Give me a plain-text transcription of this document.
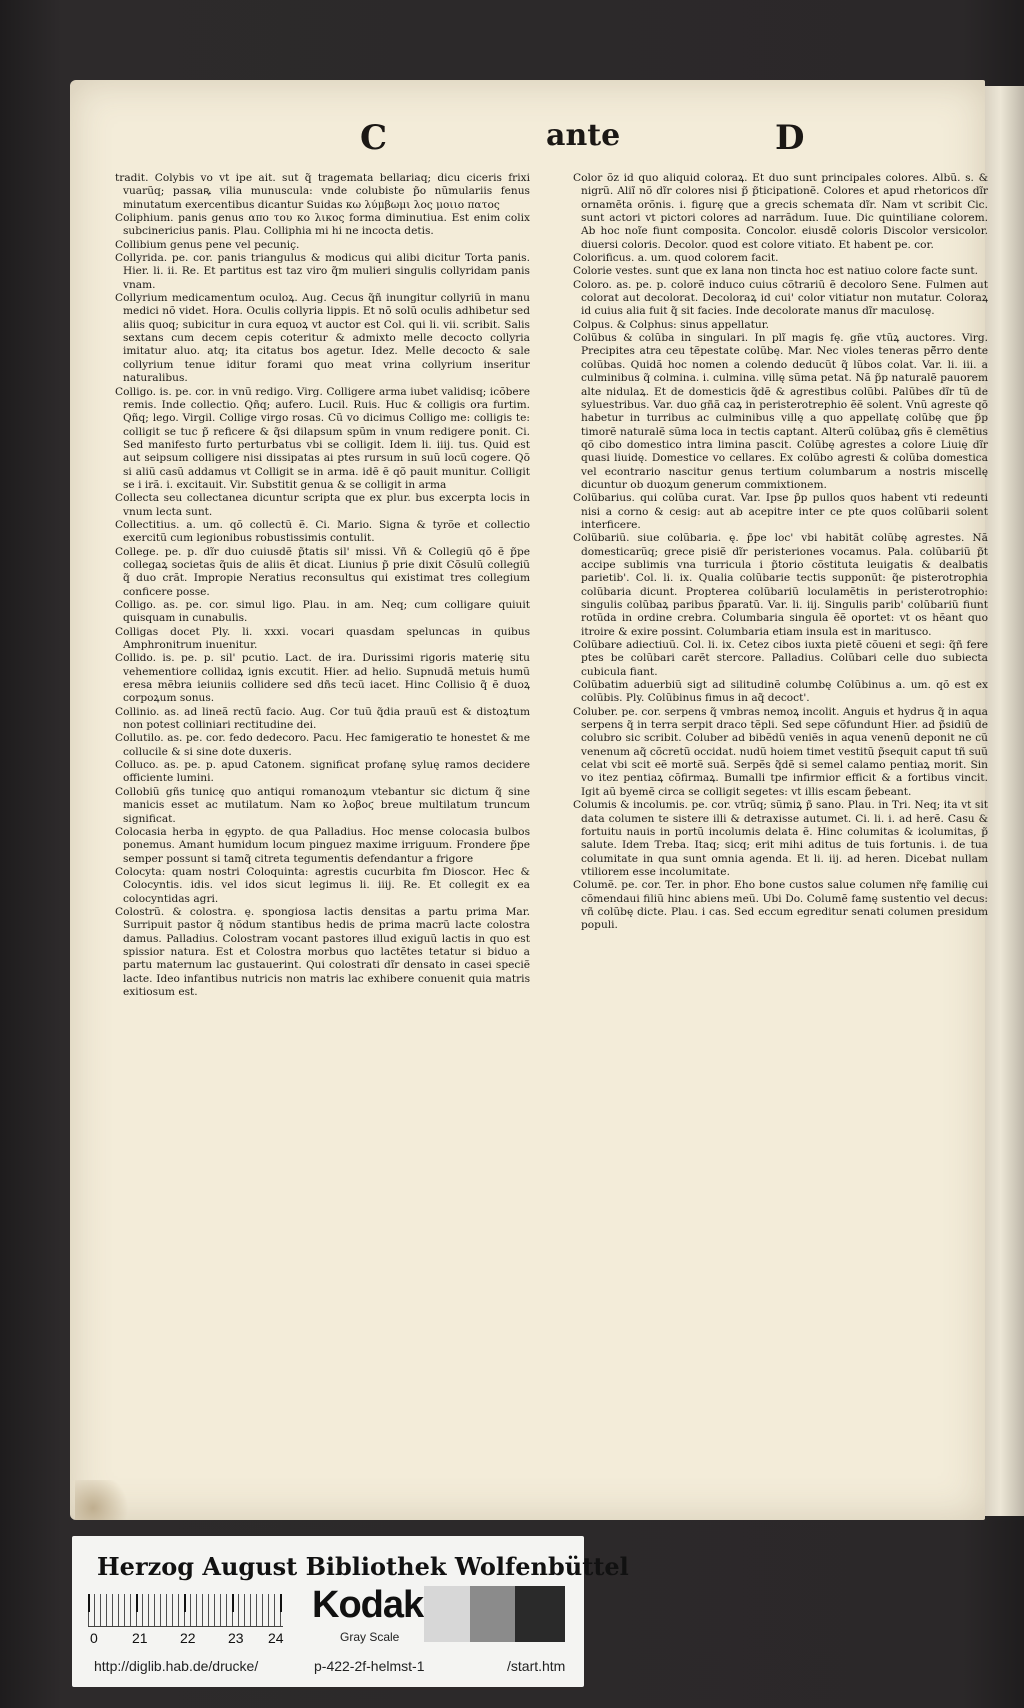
C	ante	D

tradit. Colybis vo vt ipe ait. sut q̃ tragemata bellariaq; dicu ciceris frixi vuarũq; passaꝶ vilia munuscula: vnde colubiste p̃o nũmulariis fenus minutatum exercentibus dicantur Suidas κω λύμβωμι λος μοιιο πατος

Coliphium. panis genus απο του κο λικος forma diminutiua. Est enim colix subcinericius panis. Plau. Colliphia mi hi ne incocta detis.

Collibium genus pene vel pecuniç.

Collyrida. pe. cor. panis triangulus & modicus qui alibi dicitur Torta panis. Hier. li. ii. Re. Et partitus est taz viro q̃m mulieri singulis collyridam panis vnam.

Collyrium medicamentum oculoꝝ. Aug. Cecus q̃ñ inungitur collyriũ in manu medici nõ videt. Hora. Oculis collyria lippis. Et nõ solũ oculis adhibetur sed aliis quoq; subicitur in cura equoꝝ vt auctor est Col. qui li. vii. scribit. Salis sextans cum decem cepis coteritur & admixto melle decocto collyria imitatur aluo. atq; ita citatus bos agetur. Idez. Melle decocto & sale collyrium tenue iditur forami quo meat vrina collyrium inseritur naturalibus.

Colligo. is. pe. cor. in vnũ redigo. Virg. Colligere arma iubet validisq; icõbere remis. Inde collectio. Qñq; aufero. Lucil. Ruis. Huc & colligis ora furtim. Qñq; lego. Virgil. Collige virgo rosas. Cũ vo dicimus Colligo me: colligis te: colligit se tuc p̃ reficere & q̃si dilapsum spũm in vnum redigere ponit. Ci. Sed manifesto furto perturbatus vbi se colligit. Idem li. iiij. tus. Quid est aut seipsum colligere nisi dissipatas ai ptes rursum in suũ locũ cogere. Qõ si aliũ casũ addamus vt Colligit se in arma. idẽ ẽ qõ pauit munitur. Colligit se i irã. i. excitauit. Vir. Substitit genua & se colligit in arma

Collecta seu collectanea dicuntur scripta que ex plur. bus excerpta locis in vnum lecta sunt.

Collectitius. a. um. qõ collectũ ẽ. Ci. Mario. Signa & tyrõe et collectio exercitũ cum legionibus robustissimis contulit.

College. pe. p. dĩr duo cuiusdẽ p̃tatis sil' missi. Vñ & Collegiũ qõ ẽ p̃pe collegaꝝ societas q̃uis de aliis ẽt dicat. Liunius p̃ prie dixit Cõsulũ collegiũ q̃ duo crãt. Impropie Neratius reconsultus qui existimat tres collegium conficere posse.

Colligo. as. pe. cor. simul ligo. Plau. in am. Neq; cum colligare quiuit quisquam in cunabulis.

Colligas docet Ply. li. xxxi. vocari quasdam speluncas in quibus Amphronitrum inuenitur.

Collido. is. pe. p. sil' pcutio. Lact. de ira. Durissimi rigoris materię situ vehementiore collidaꝝ ignis excutit. Hier. ad helio. Supnudã metuis humũ eresa mẽbra ieiuniis collidere sed dñs tecũ iacet. Hinc Collisio q̃ ẽ duoꝝ corpoꝝum sonus.

Collinio. as. ad lineã rectũ facio. Aug. Cor tuũ q̃dia prauũ est & distoꝝtum non potest colliniari rectitudine dei.

Collutilo. as. pe. cor. fedo dedecoro. Pacu. Hec famigeratio te honestet & me collucile & si sine dote duxeris.

Colluco. as. pe. p. apud Catonem. significat profanę syluę ramos decidere officiente lumini.

Collobiũ gñs tunicę quo antiqui romanoꝝum vtebantur sic dictum q̃ sine manicis esset ac mutilatum. Nam κο λοβοϛ breue multilatum truncum significat.

Colocasia herba in ęgypto. de qua Palladius. Hoc mense colocasia bulbos ponemus. Amant humidum locum pinguez maxime irriguum. Frondere p̃pe semper possunt si tamq̃ citreta tegumentis defendantur a frigore

Colocyta: quam nostri Coloquinta: agrestis cucurbita fm Dioscor. Hec & Colocyntis. idis. vel idos sicut legimus li. iiij. Re. Et collegit ex ea colocyntidas agri.

Colostrũ. & colostra. ę. spongiosa lactis densitas a partu prima Mar. Surripuit pastor q̃ nõdum stantibus hedis de prima macrũ lacte colostra damus. Palladius. Colostram vocant pastores illud exiguũ lactis in quo est spissior natura. Est et Colostra morbus quo lactẽtes tetatur si biduo a partu maternum lac gustauerint. Qui colostrati dĩr densato in casei speciẽ lacte. Ideo infantibus nutricis non matris lac exhibere conuenit quia matris exitiosum est.

Color õz id quo aliquid coloraꝝ. Et duo sunt principales colores. Albũ. s. & nigrũ. Aliĩ nõ dĩr colores nisi p̃ p̃ticipationẽ. Colores et apud rhetoricos dĩr ornamẽta orõnis. i. figurę que a grecis schemata dĩr. Nam vt scribit Cic. sunt actori vt pictori colores ad narrãdum. Iuue. Dic quintiliane colorem. Ab hoc noĩe fiunt composita. Concolor. eiusdẽ coloris Discolor versicolor. diuersi coloris. Decolor. quod est colore vitiato. Et habent pe. cor.

Colorificus. a. um. quod colorem facit.

Colorie vestes. sunt que ex lana non tincta hoc est natiuo colore facte sunt.

Coloro. as. pe. p. colorẽ induco cuius cõtrariũ ẽ decoloro Sene. Fulmen aut colorat aut decolorat. Decoloraꝝ id cui' color vitiatur non mutatur. Coloraꝝ id cuius alia fuit q̃ sit facies. Inde decolorate manus dĩr maculosę.

Colpus. & Colphus: sinus appellatur.

Colũbus & colũba in singulari. In plĩ magis fę. gñe vtũꝝ auctores. Virg. Precipites atra ceu tẽpestate colũbę. Mar. Nec violes teneras pẽ̃rro dente colũbas. Quidã hoc nomen a colendo deducũt q̃ lũbos colat. Var. li. iii. a culminibus q̃ colmina. i. culmina. villę sũma petat. Nã p̃p naturalẽ pauorem alte nidulaꝝ. Et de domesticis q̃dẽ & agrestibus colũbi. Palũbes dĩr tũ de syluestribus. Var. duo gñã caꝝ in peristerotrephio ẽẽ solent. Vnũ agreste qõ habetur in turribus ac culminibus villę a quo appellatę colũbę que p̃p timorẽ naturalẽ sũma loca in tectis captant. Alterũ colũbaꝝ gñs ẽ clemẽtius qõ cibo domestico intra limina pascit. Colũbę agrestes a colore Liuię dĩr quasi liuidę. Domestice vo cellares. Ex colũbo agresti & colũba domestica vel econtrario nascitur genus tertium columbarum a nostris miscellę dicuntur ob duoꝝum generum commixtionem.

Colũbarius. qui colũba curat. Var. Ipse p̃p pullos quos habent vti redeunti nisi a corno & cesig: aut ab acepitre inter ce pte quos colũbarii solent interficere.

Colũbariũ. siue colũbaria. ę. p̃pe loc' vbi habitãt colũbę agrestes. Nã domesticarũq; grece pisiẽ dĩr peristeriones vocamus. Pala. colũbariũ p̃t accipe sublimis vna turricula i p̃torio cõstituta leuigatis & dealbatis parietib'. Col. li. ix. Qualia colũbarie tectis supponũt: q̃e pisterotrophia colũbaria dicunt. Propterea colũbariũ loculamẽtis in peristerotrophio: singulis colũbaꝝ paribus p̃paratũ. Var. li. iij. Singulis parib' colũbariũ fiunt rotũda in ordine crebra. Columbaria singula ẽẽ oportet: vt os hẽant quo itroire & exire possint. Columbaria etiam insula est in maritusco.

Colũbare adiectiuũ. Col. li. ix. Cetez cibos iuxta pietẽ cõueni et segi: q̃ñ fere ptes be colũbari carẽt stercore. Palladius. Colũbari celle duo subiecta cubicula fiant.

Colũbatim aduerbiũ sigt ad silitudinẽ columbę Colũbinus a. um. qõ est ex colũbis. Ply. Colũbinus fimus in aq̃ decoct'.

Coluber. pe. cor. serpens q̃ vmbras nemoꝝ incolit. Anguis et hydrus q̃ in aqua serpens q̃ in terra serpit draco tẽpli. Sed sepe cõfundunt Hier. ad p̃sidiũ de colubro sic scribit. Coluber ad bibẽdũ veniẽs in aqua venenũ deponit ne cũ venenum aq̃ cõcretũ occidat. nudũ hoiem timet vestitũ p̃sequit caput tñ suũ celat vbi scit eẽ mortẽ suã. Serpẽs q̃dẽ si semel calamo pentiaꝝ morit. Sin vo itez pentiaꝝ cõfirmaꝝ. Bumalli tpe infirmior efficit & a fortibus vincit. Igit aũ byemẽ circa se colligit segetes: vt illis escam p̃ebeant.

Columis & incolumis. pe. cor. vtrũq; sũmiꝝ p̃ sano. Plau. in Tri. Neq; ita vt sit data columen te sistere illi & detraxisse autumet. Ci. li. i. ad herẽ. Casu & fortuitu nauis in portũ incolumis delata ẽ. Hinc columitas & icolumitas, p̃ salute. Idem Treba. Itaq; sicq; erit mihi aditus de tuis fortunis. i. de tua columitate in qua sunt omnia agenda. Et li. iij. ad heren. Dicebat nullam vtiliorem esse incolumitate.

Columẽ. pe. cor. Ter. in phor. Eho bone custos salue columen nr̃ę familię cui cõmendaui filiũ hinc abiens meũ. Ubi Do. Columẽ famę sustentio vel decus: vñ colũbę dicte. Plau. i cas. Sed eccum egreditur senati columen presidum populi.

Herzog August Bibliothek Wolfenbüttel
0 21 22 23 24
Kodak
Gray Scale
http://diglib.hab.de/drucke/	p-422-2f-helmst-1	/start.htm
